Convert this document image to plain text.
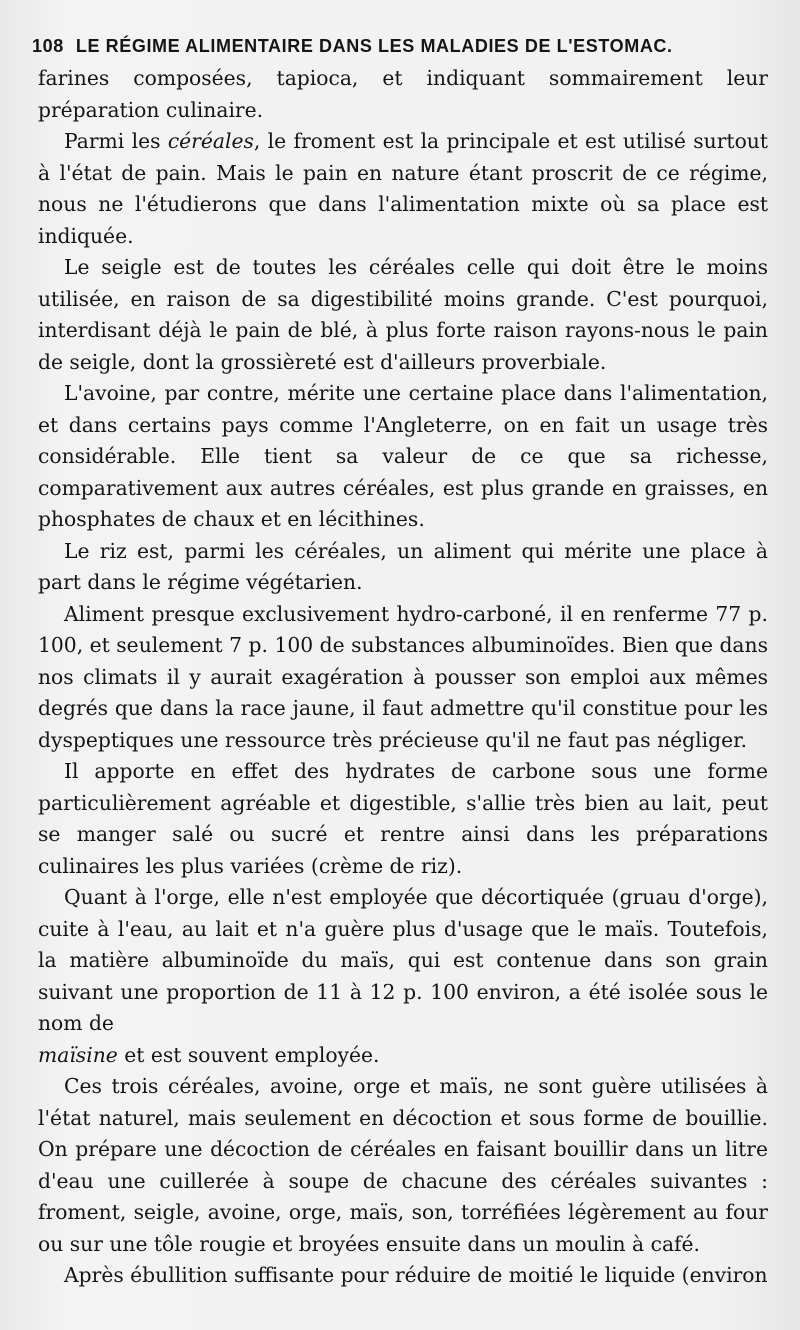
108 LE RÉGIME ALIMENTAIRE DANS LES MALADIES DE L'ESTOMAC.

farines composées, tapioca, et indiquant sommairement leur préparation culinaire.

Parmi les céréales, le froment est la principale et est utilisé surtout à l'état de pain. Mais le pain en nature étant proscrit de ce régime, nous ne l'étudierons que dans l'alimentation mixte où sa place est indiquée.

Le seigle est de toutes les céréales celle qui doit être le moins utilisée, en raison de sa digestibilité moins grande. C'est pourquoi, interdisant déjà le pain de blé, à plus forte raison rayons-nous le pain de seigle, dont la grossièreté est d'ailleurs proverbiale.

L'avoine, par contre, mérite une certaine place dans l'alimentation, et dans certains pays comme l'Angleterre, on en fait un usage très considérable. Elle tient sa valeur de ce que sa richesse, comparativement aux autres céréales, est plus grande en graisses, en phosphates de chaux et en lécithines.

Le riz est, parmi les céréales, un aliment qui mérite une place à part dans le régime végétarien.

Aliment presque exclusivement hydro-carboné, il en renferme 77 p. 100, et seulement 7 p. 100 de substances albuminoïdes. Bien que dans nos climats il y aurait exagération à pousser son emploi aux mêmes degrés que dans la race jaune, il faut admettre qu'il constitue pour les dyspeptiques une ressource très précieuse qu'il ne faut pas négliger.

Il apporte en effet des hydrates de carbone sous une forme particulièrement agréable et digestible, s'allie très bien au lait, peut se manger salé ou sucré et rentre ainsi dans les préparations culinaires les plus variées (crème de riz).

Quant à l'orge, elle n'est employée que décortiquée (gruau d'orge), cuite à l'eau, au lait et n'a guère plus d'usage que le maïs. Toutefois, la matière albuminoïde du maïs, qui est contenue dans son grain suivant une proportion de 11 à 12 p. 100 environ, a été isolée sous le nom de

maïsine et est souvent employée.

Ces trois céréales, avoine, orge et maïs, ne sont guère utilisées à l'état naturel, mais seulement en décoction et sous forme de bouillie. On prépare une décoction de céréales en faisant bouillir dans un litre d'eau une cuillerée à soupe de chacune des céréales suivantes : froment, seigle, avoine, orge, maïs, son, torréfiées légèrement au four ou sur une tôle rougie et broyées ensuite dans un moulin à café.

Après ébullition suffisante pour réduire de moitié le liquide (environ
